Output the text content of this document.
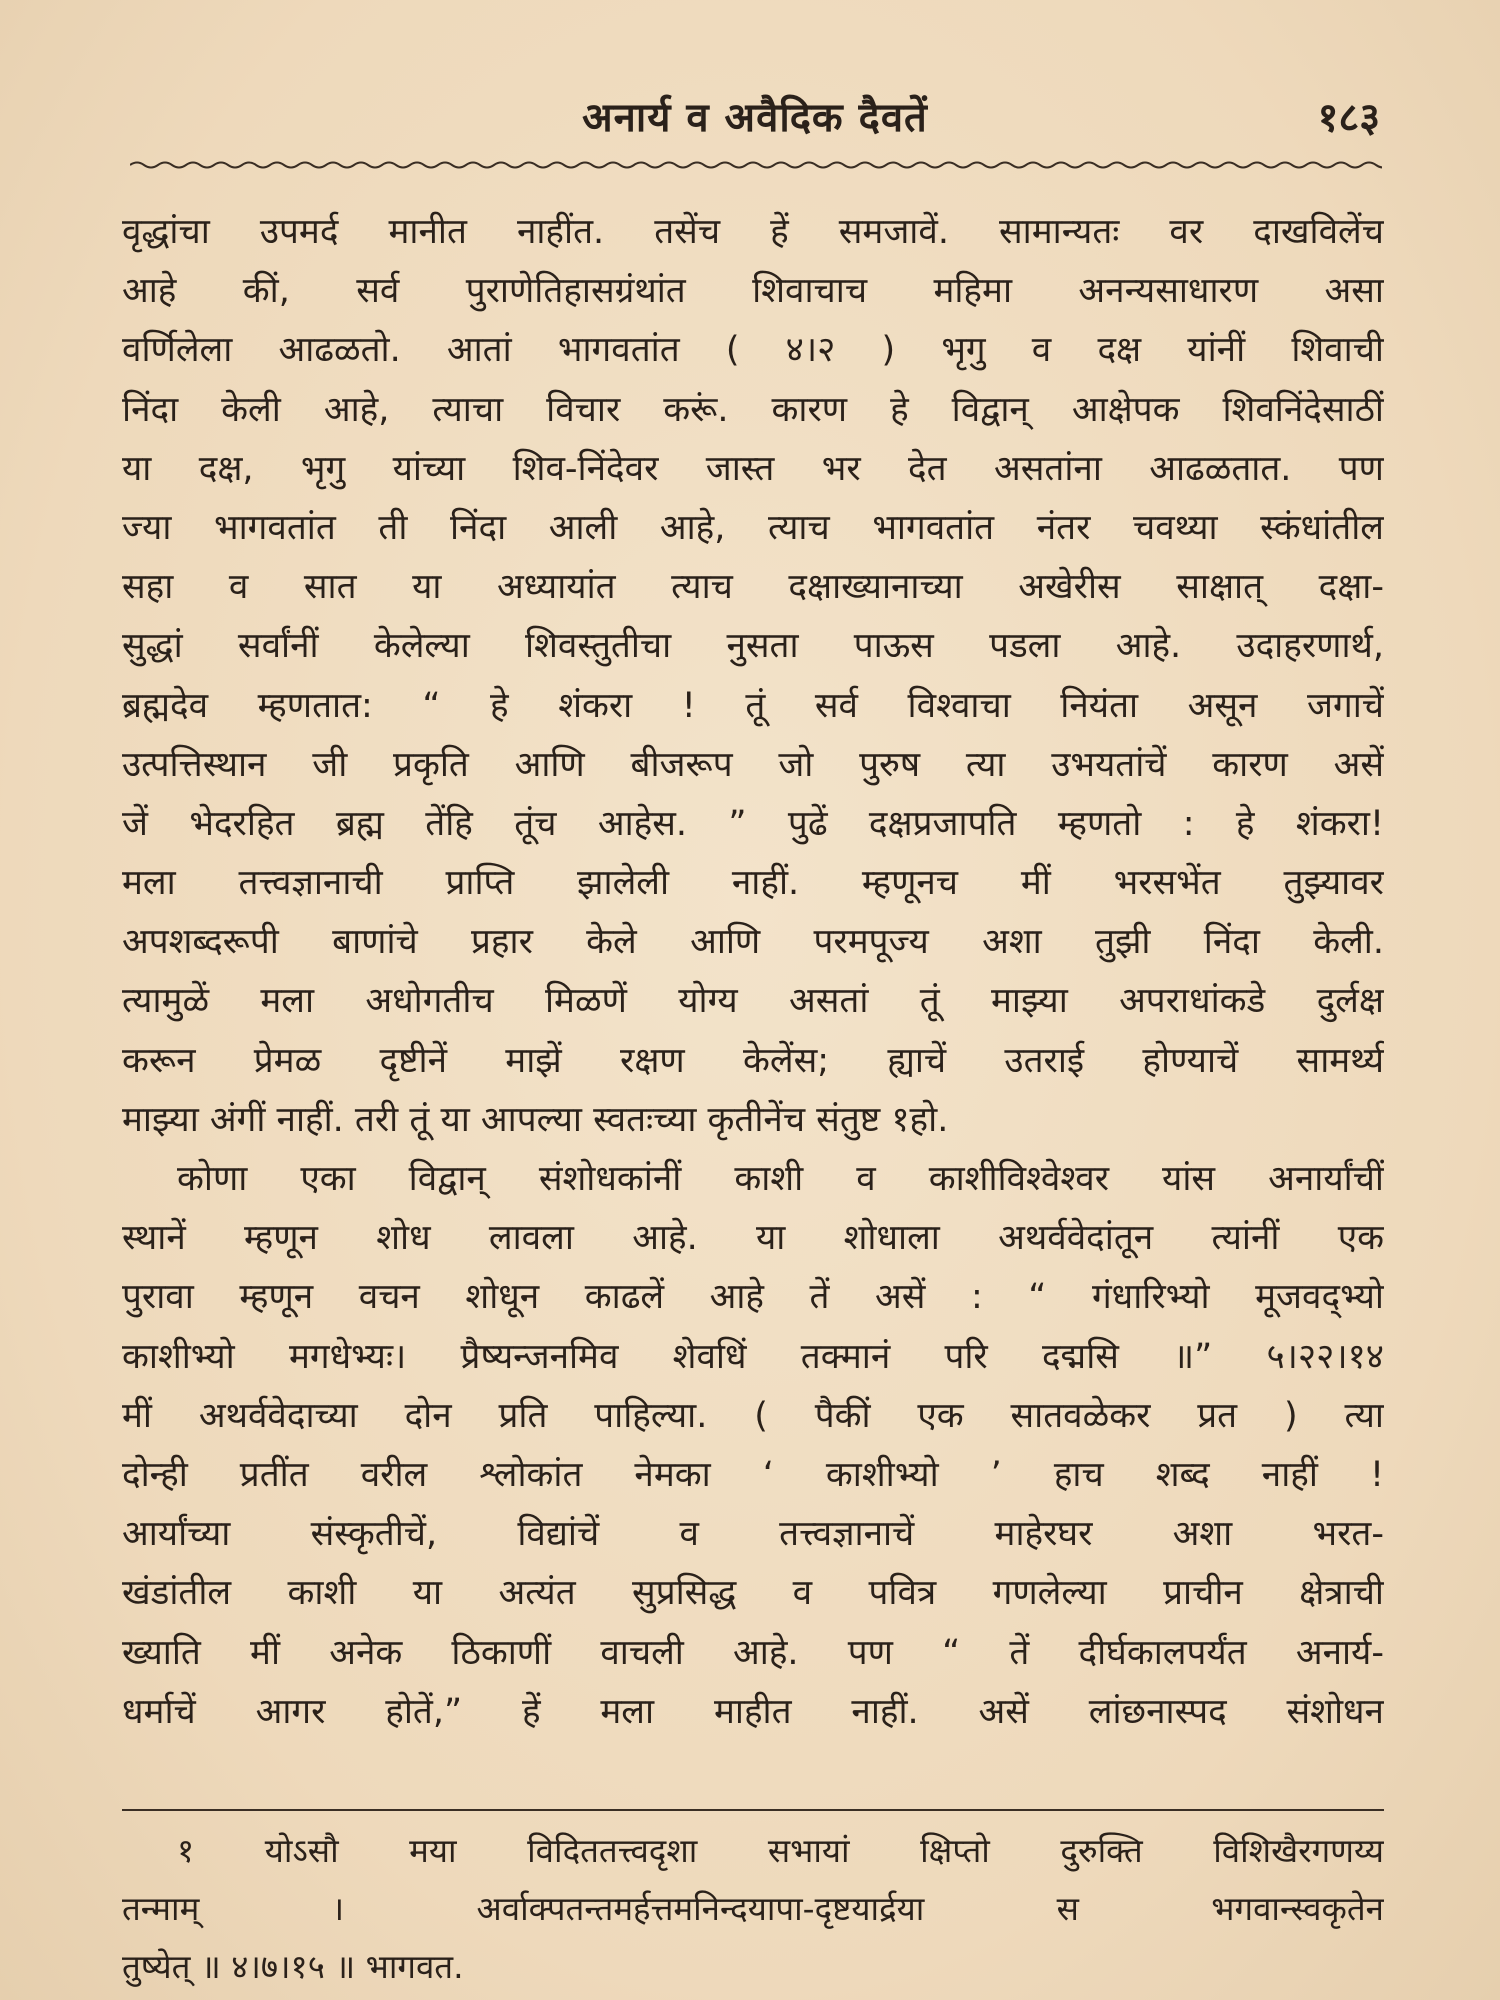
अनार्य व अवैदिक दैवतें	१८३
वृद्धांचा उपमर्द मानीत नाहींत. तसेंच हें समजावें. सामान्यतः वर दाखविलेंच
आहे कीं, सर्व पुराणेतिहासग्रंथांत शिवाचाच महिमा अनन्यसाधारण असा
वर्णिलेला आढळतो. आतां भागवतांत ( ४।२ ) भृगु व दक्ष यांनीं शिवाची
निंदा केली आहे, त्याचा विचार करूं. कारण हे विद्वान् आक्षेपक शिवनिंदेसाठीं
या दक्ष, भृगु यांच्या शिव-निंदेवर जास्त भर देत असतांना आढळतात. पण
ज्या भागवतांत ती निंदा आली आहे, त्याच भागवतांत नंतर चवथ्या स्कंधांतील
सहा व सात या अध्यायांत त्याच दक्षाख्यानाच्या अखेरीस साक्षात् दक्षा-
सुद्धां सर्वांनीं केलेल्या शिवस्तुतीचा नुसता पाऊस पडला आहे. उदाहरणार्थ,
ब्रह्मदेव म्हणतात: “ हे शंकरा ! तूं सर्व विश्वाचा नियंता असून जगाचें
उत्पत्तिस्थान जी प्रकृति आणि बीजरूप जो पुरुष त्या उभयतांचें कारण असें
जें भेदरहित ब्रह्म तेंहि तूंच आहेस. ” पुढें दक्षप्रजापति म्हणतो : हे शंकरा!
मला तत्त्वज्ञानाची प्राप्ति झालेली नाहीं. म्हणूनच मीं भरसभेंत तुझ्यावर
अपशब्दरूपी बाणांचे प्रहार केले आणि परमपूज्य अशा तुझी निंदा केली.
त्यामुळें मला अधोगतीच मिळणें योग्य असतां तूं माझ्या अपराधांकडे दुर्लक्ष
करून प्रेमळ दृष्टीनें माझें रक्षण केलेंस; ह्याचें उतराई होण्याचें सामर्थ्य
माझ्या अंगीं नाहीं. तरी तूं या आपल्या स्वतःच्या कृतीनेंच संतुष्ट १हो.
कोणा एका विद्वान् संशोधकांनीं काशी व काशीविश्वेश्वर यांस अनार्यांचीं
स्थानें म्हणून शोध लावला आहे. या शोधाला अथर्ववेदांतून त्यांनीं एक
पुरावा म्हणून वचन शोधून काढलें आहे तें असें : “ गंधारिभ्यो मूजवद्भ्यो
काशीभ्यो मगधेभ्यः। प्रैष्यन्जनमिव शेवधिं तक्मानं परि दद्मसि ॥” ५।२२।१४
मीं अथर्ववेदाच्या दोन प्रति पाहिल्या. ( पैकीं एक सातवळेकर प्रत ) त्या
दोन्ही प्रतींत वरील श्लोकांत नेमका ‘ काशीभ्यो ’ हाच शब्द नाहीं !
आर्यांच्या संस्कृतीचें, विद्यांचें व तत्त्वज्ञानाचें माहेरघर अशा भरत-
खंडांतील काशी या अत्यंत सुप्रसिद्ध व पवित्र गणलेल्या प्राचीन क्षेत्राची
ख्याति मीं अनेक ठिकाणीं वाचली आहे. पण “ तें दीर्घकालपर्यंत अनार्य-
धर्माचें आगर होतें,” हें मला माहीत नाहीं. असें लांछनास्पद संशोधन
१ योऽसौ मया विदिततत्त्वदृशा सभायां क्षिप्तो दुरुक्ति विशिखैरगणय्य
तन्माम् । अर्वाक्पतन्तमर्हत्तमनिन्दयापा-दृष्टयार्द्रया स भगवान्स्वकृतेन
तुष्येत् ॥ ४।७।१५ ॥ भागवत.
